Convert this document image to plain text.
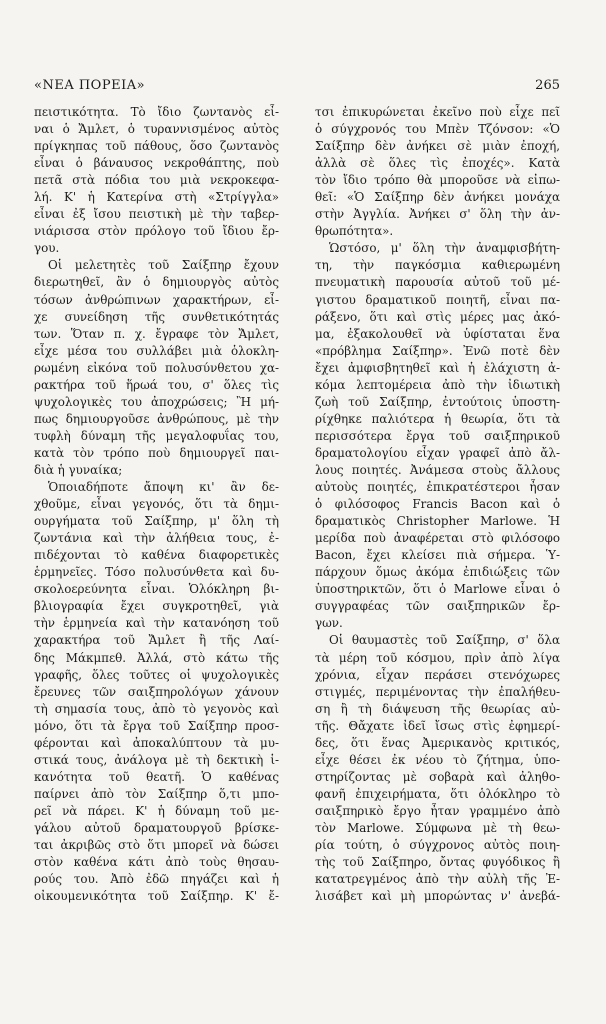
«ΝΕΑ ΠΟΡΕΙΑ»	265
πειστικότητα. Τὸ ἴδιο ζωντανὸς εἶ-
ναι ὁ Ἄμλετ, ὁ τυραννισμένος αὐτὸς
πρίγκηπας τοῦ πάθους, ὅσο ζωντανὸς
εἶναι ὁ βάναυσος νεκροθάπτης, ποὺ
πετᾶ στὰ πόδια του μιὰ νεκροκεφα-
λή. Κ' ἡ Κατερίνα στὴ «Στρίγγλα»
εἶναι ἐξ ἴσου πειστικὴ μὲ τὴν ταβερ-
νιάρισσα στὸν πρόλογο τοῦ ἴδιου ἔρ-
γου.
Οἱ μελετητὲς τοῦ Σαίξπηρ ἔχουν
διερωτηθεῖ, ἂν ὁ δημιουργὸς αὐτὸς
τόσων ἀνθρώπινων χαρακτήρων, εἶ-
χε συνείδηση τῆς συνθετικότητάς
των. Ὅταν π. χ. ἔγραφε τὸν Ἄμλετ,
εἶχε μέσα του συλλάβει μιὰ ὁλοκλη-
ρωμένη εἰκόνα τοῦ πολυσύνθετου χα-
ρακτήρα τοῦ ἥρωά του, σ' ὅλες τὶς
ψυχολογικὲς του ἀποχρώσεις; Ἢ μή-
πως δημιουργοῦσε ἀνθρώπους, μὲ τὴν
τυφλὴ δύναμη τῆς μεγαλοφυΐας του,
κατὰ τὸν τρόπο ποὺ δημιουργεῖ παι-
διὰ ἡ γυναίκα;
Ὁποιαδήποτε ἄποψη κι' ἂν δε-
χθοῦμε, εἶναι γεγονός, ὅτι τὰ δημι-
ουργήματα τοῦ Σαίξπηρ, μ' ὅλη τὴ
ζωντάνια καὶ τὴν ἀλήθεια τους, ἐ-
πιδέχονται τὸ καθένα διαφορετικὲς
ἑρμηνεῖες. Τόσο πολυσύνθετα καὶ δυ-
σκολοερεύνητα εἶναι. Ὁλόκληρη βι-
βλιογραφία ἔχει συγκροτηθεῖ, γιὰ
τὴν ἑρμηνεία καὶ τὴν κατανόηση τοῦ
χαρακτήρα τοῦ Ἄμλετ ἢ τῆς Λαί-
δης Μάκμπεθ. Ἀλλά, στὸ κάτω τῆς
γραφῆς, ὅλες τοῦτες οἱ ψυχολογικὲς
ἔρευνες τῶν σαιξπηρολόγων χάνουν
τὴ σημασία τους, ἀπὸ τὸ γεγονὸς καὶ
μόνο, ὅτι τὰ ἔργα τοῦ Σαίξπηρ προσ-
φέρονται καὶ ἀποκαλύπτουν τὰ μυ-
στικά τους, ἀνάλογα μὲ τὴ δεκτικὴ ἱ-
κανότητα τοῦ θεατῆ. Ὁ καθένας
παίρνει ἀπὸ τὸν Σαίξπηρ ὅ,τι μπο-
ρεῖ νὰ πάρει. Κ' ἡ δύναμη τοῦ με-
γάλου αὐτοῦ δραματουργοῦ βρίσκε-
ται ἀκριβῶς στὸ ὅτι μπορεῖ νὰ δώσει
στὸν καθένα κάτι ἀπὸ τοὺς θησαυ-
ρούς του. Ἀπὸ ἐδῶ πηγάζει καὶ ἡ
οἰκουμενικότητα τοῦ Σαίξπηρ. Κ' ἔ-
τσι ἐπικυρώνεται ἐκεῖνο ποὺ εἶχε πεῖ
ὁ σύγχρονός του Μπὲν Τζόνσον: «Ὁ
Σαίξπηρ δὲν ἀνήκει σὲ μιὰν ἐποχή,
ἀλλὰ σὲ ὅλες τὶς ἐποχές». Κατὰ
τὸν ἴδιο τρόπο θὰ μποροῦσε νὰ εἰπω-
θεῖ: «Ὁ Σαίξπηρ δὲν ἀνήκει μονάχα
στὴν Ἀγγλία. Ἀνήκει σ' ὅλη τὴν ἀν-
θρωπότητα».
Ὡστόσο, μ' ὅλη τὴν ἀναμφισβήτη-
τη, τὴν παγκόσμια καθιερωμένη
πνευματικὴ παρουσία αὐτοῦ τοῦ μέ-
γιστου δραματικοῦ ποιητῆ, εἶναι πα-
ράξενο, ὅτι καὶ στὶς μέρες μας ἀκό-
μα, ἐξακολουθεῖ νὰ ὑφίσταται ἕνα
«πρόβλημα Σαίξπηρ». Ἐνῶ ποτὲ δὲν
ἔχει ἀμφισβητηθεῖ καὶ ἡ ἐλάχιστη ἀ-
κόμα λεπτομέρεια ἀπὸ τὴν ἰδιωτικὴ
ζωὴ τοῦ Σαίξπηρ, ἐντούτοις ὑποστη-
ρίχθηκε παλιότερα ἡ θεωρία, ὅτι τὰ
περισσότερα ἔργα τοῦ σαιξπηρικοῦ
δραματολογίου εἶχαν γραφεῖ ἀπὸ ἄλ-
λους ποιητές. Ἀνάμεσα στοὺς ἄλλους
αὐτοὺς ποιητές, ἐπικρατέστεροι ἦσαν
ὁ φιλόσοφος Francis Bacon καὶ ὁ
δραματικὸς Christopher Marlowe. Ἡ
μερίδα ποὺ ἀναφέρεται στὸ φιλόσοφο
Bacon, ἔχει κλείσει πιὰ σήμερα. Ὑ-
πάρχουν ὅμως ἀκόμα ἐπιδιώξεις τῶν
ὑποστηρικτῶν, ὅτι ὁ Marlowe εἶναι ὁ
συγγραφέας τῶν σαιξπηρικῶν ἔρ-
γων.
Οἱ θαυμαστὲς τοῦ Σαίξπηρ, σ' ὅλα
τὰ μέρη τοῦ κόσμου, πρὶν ἀπὸ λίγα
χρόνια, εἶχαν περάσει στενόχωρες
στιγμές, περιμένοντας τὴν ἐπαλήθευ-
ση ἢ τὴ διάψευση τῆς θεωρίας αὐ-
τῆς. Θἄχατε ἰδεῖ ἴσως στὶς ἐφημερί-
δες, ὅτι ἕνας Ἀμερικανὸς κριτικός,
εἶχε θέσει ἐκ νέου τὸ ζήτημα, ὑπο-
στηρίζοντας μὲ σοβαρὰ καὶ ἀληθο-
φανῆ ἐπιχειρήματα, ὅτι ὁλόκληρο τὸ
σαιξπηρικὸ ἔργο ἦταν γραμμένο ἀπὸ
τὸν Marlowe. Σύμφωνα μὲ τὴ θεω-
ρία τούτη, ὁ σύγχρονος αὐτὸς ποιη-
τὴς τοῦ Σαίξπηρο, ὄντας φυγόδικος ἢ
κατατρεγμένος ἀπὸ τὴν αὐλὴ τῆς Ἐ-
λισάβετ καὶ μὴ μπορώντας ν' ἀνεβά-
